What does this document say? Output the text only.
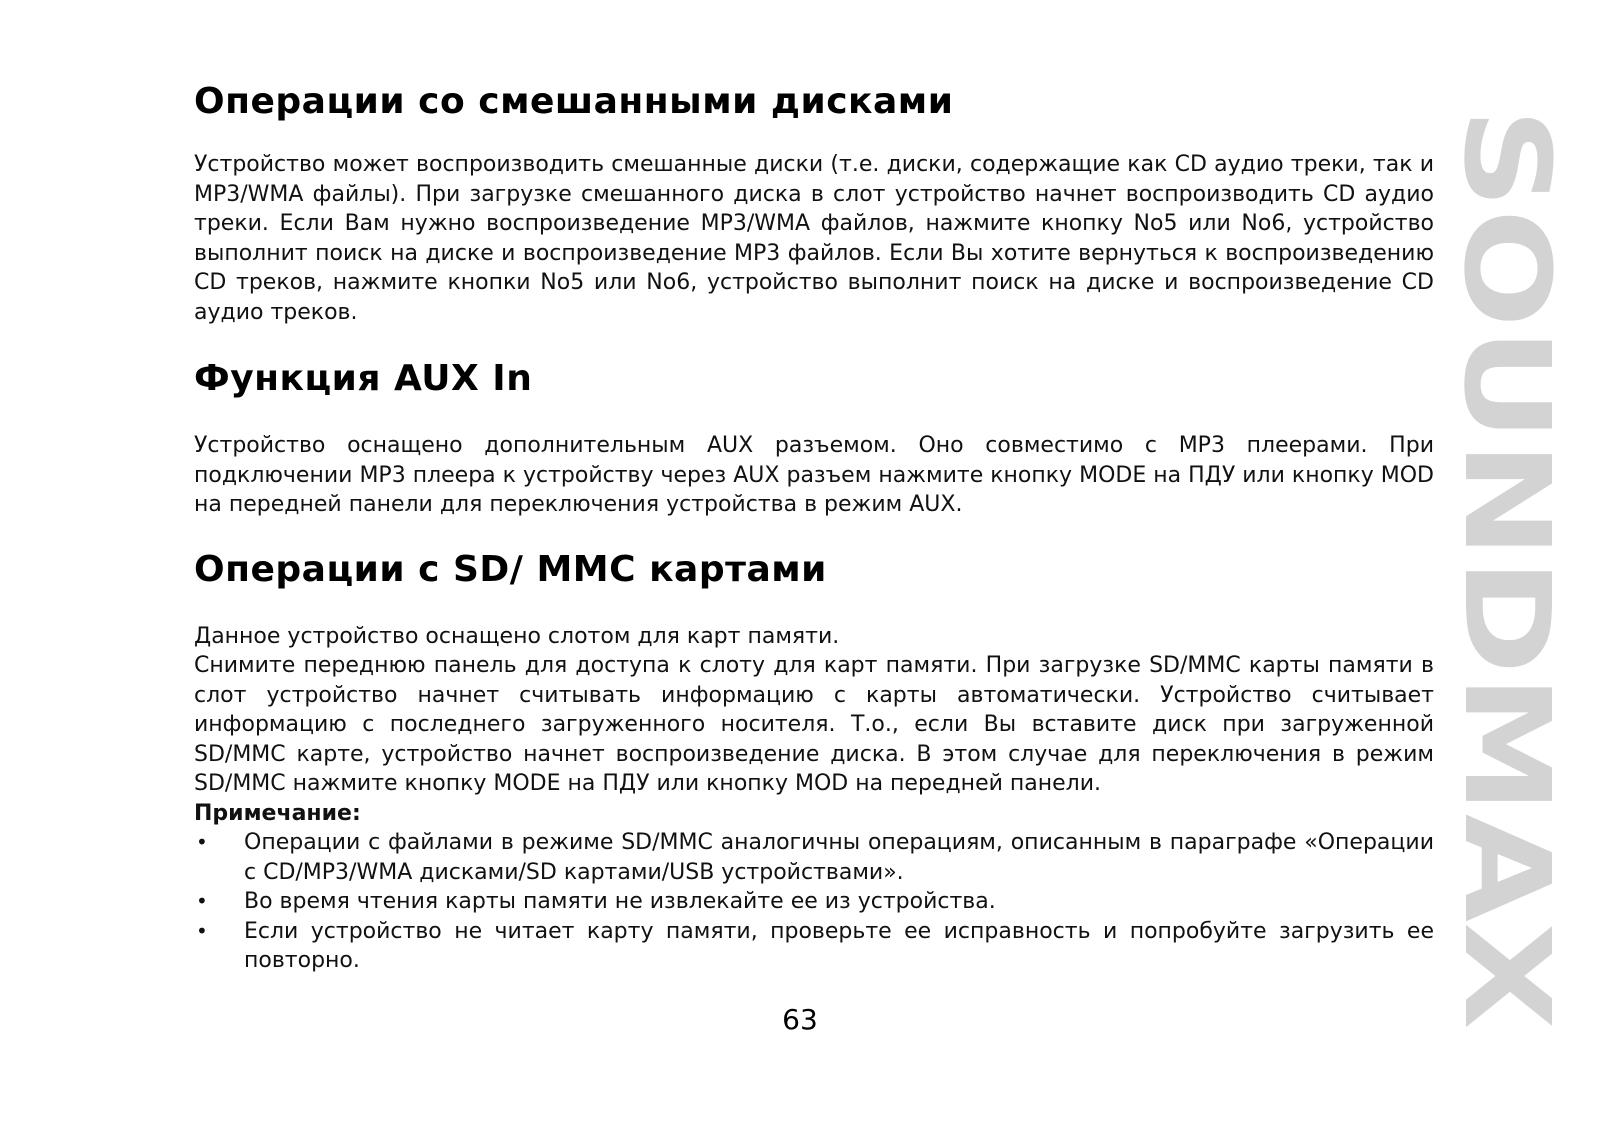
Операции со смешанными дисками

Устройство может воспроизводить смешанные диски (т.е. диски, содержащие как CD аудио треки, так и MP3/WMA файлы). При загрузке смешанного диска в слот устройство начнет воспроизводить CD аудио треки. Если Вам нужно воспроизведение MP3/WMA файлов, нажмите кнопку No5 или No6, устройство выполнит поиск на диске и воспроизведение MP3 файлов. Если Вы хотите вернуться к воспроизведению CD треков, нажмите кнопки No5 или No6, устройство выполнит поиск на диске и воспроизведение CD аудио треков.

Функция AUX In

Устройство оснащено дополнительным AUX разъемом. Оно совместимо с MP3 плеерами. При подключении MP3 плеера к устройству через AUX разъем нажмите кнопку MODE на ПДУ или кнопку MOD на передней панели для переключения устройства в режим AUX.

Операции с SD/ MMC картами

Данное устройство оснащено слотом для карт памяти.

Снимите переднюю панель для доступа к слоту для карт памяти. При загрузке SD/MMC карты памяти в слот устройство начнет считывать информацию с карты автоматически. Устройство считывает информацию с последнего загруженного носителя. Т.о., если Вы вставите диск при загруженной SD/MMC карте, устройство начнет воспроизведение диска. В этом случае для переключения в режим SD/MMC нажмите кнопку MODE на ПДУ или кнопку MOD на передней панели.

Примечание:
• Операции с файлами в режиме SD/MMC аналогичны операциям, описанным в параграфе «Операции с CD/MP3/WMA дисками/SD картами/USB устройствами».
• Во время чтения карты памяти не извлекайте ее из устройства.
• Если устройство не читает карту памяти, проверьте ее исправность и попробуйте загрузить ее повторно.
63
SOUNDMAX
